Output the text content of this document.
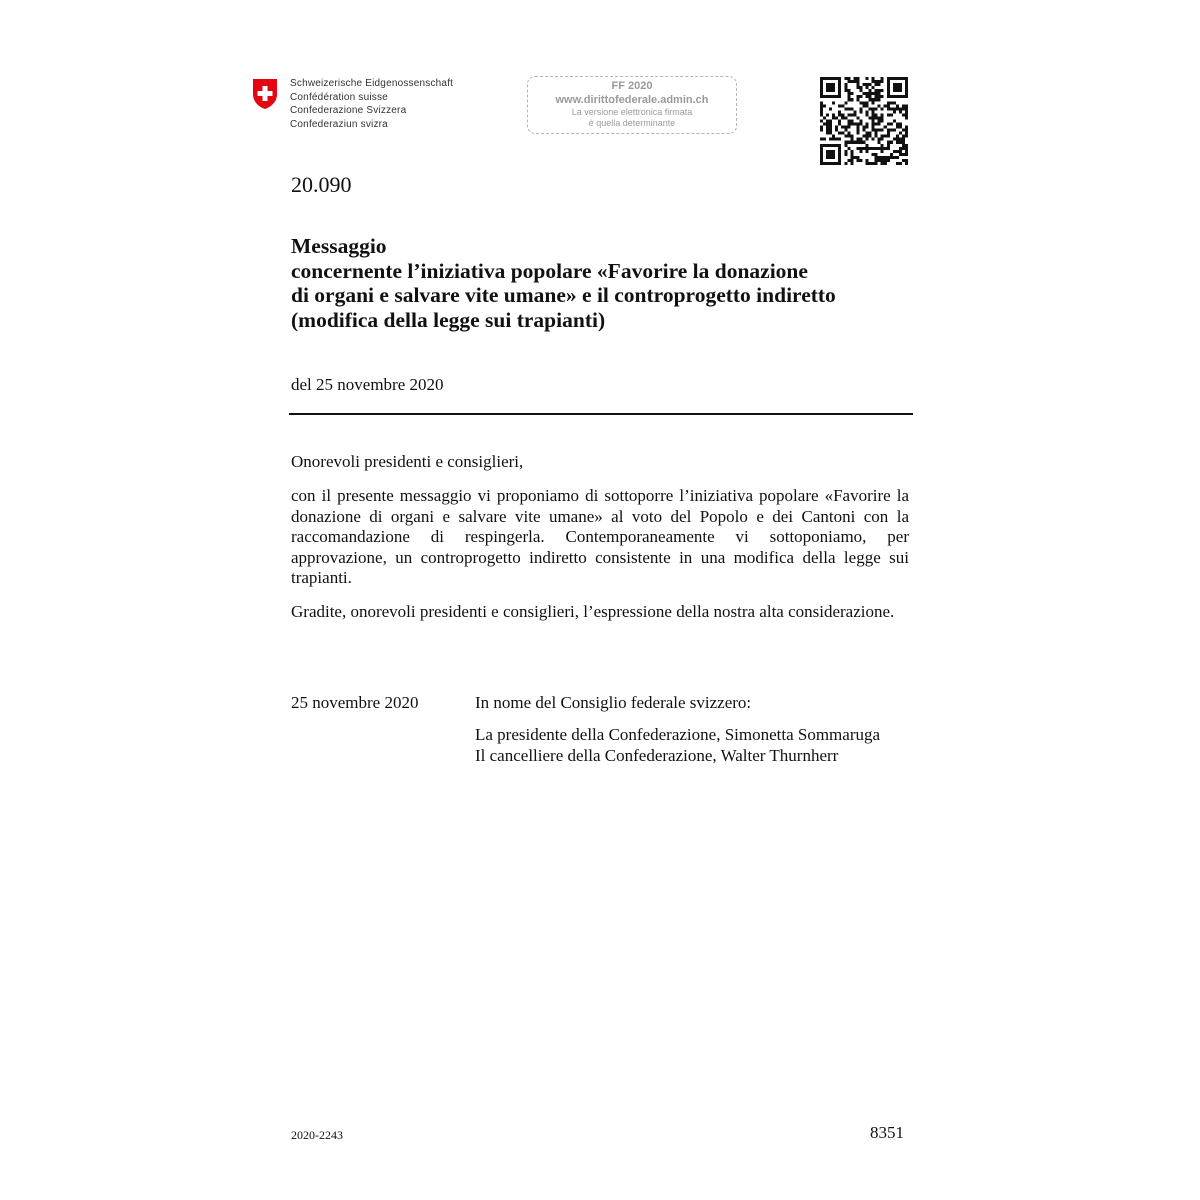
Schweizerische Eidgenossenschaft
Confédération suisse
Confederazione Svizzera
Confederaziun svizra
FF 2020
www.dirittofederale.admin.ch
La versione elettronica firmata
è quella determinante
20.090
Messaggio
concernente l’iniziativa popolare «Favorire la donazione
di organi e salvare vite umane» e il controprogetto indiretto
(modifica della legge sui trapianti)
del 25 novembre 2020
Onorevoli presidenti e consiglieri,
con il presente messaggio vi proponiamo di sottoporre l’iniziativa popolare «Favorire la donazione di organi e salvare vite umane» al voto del Popolo e dei Cantoni con la raccomandazione di respingerla. Contemporaneamente vi sottoponiamo, per approvazione, un controprogetto indiretto consistente in una modifica della legge sui trapianti.
Gradite, onorevoli presidenti e consiglieri, l’espressione della nostra alta considerazione.
25 novembre 2020	In nome del Consiglio federale svizzero:
La presidente della Confederazione, Simonetta Sommaruga
Il cancelliere della Confederazione, Walter Thurnherr
2020-2243	8351
